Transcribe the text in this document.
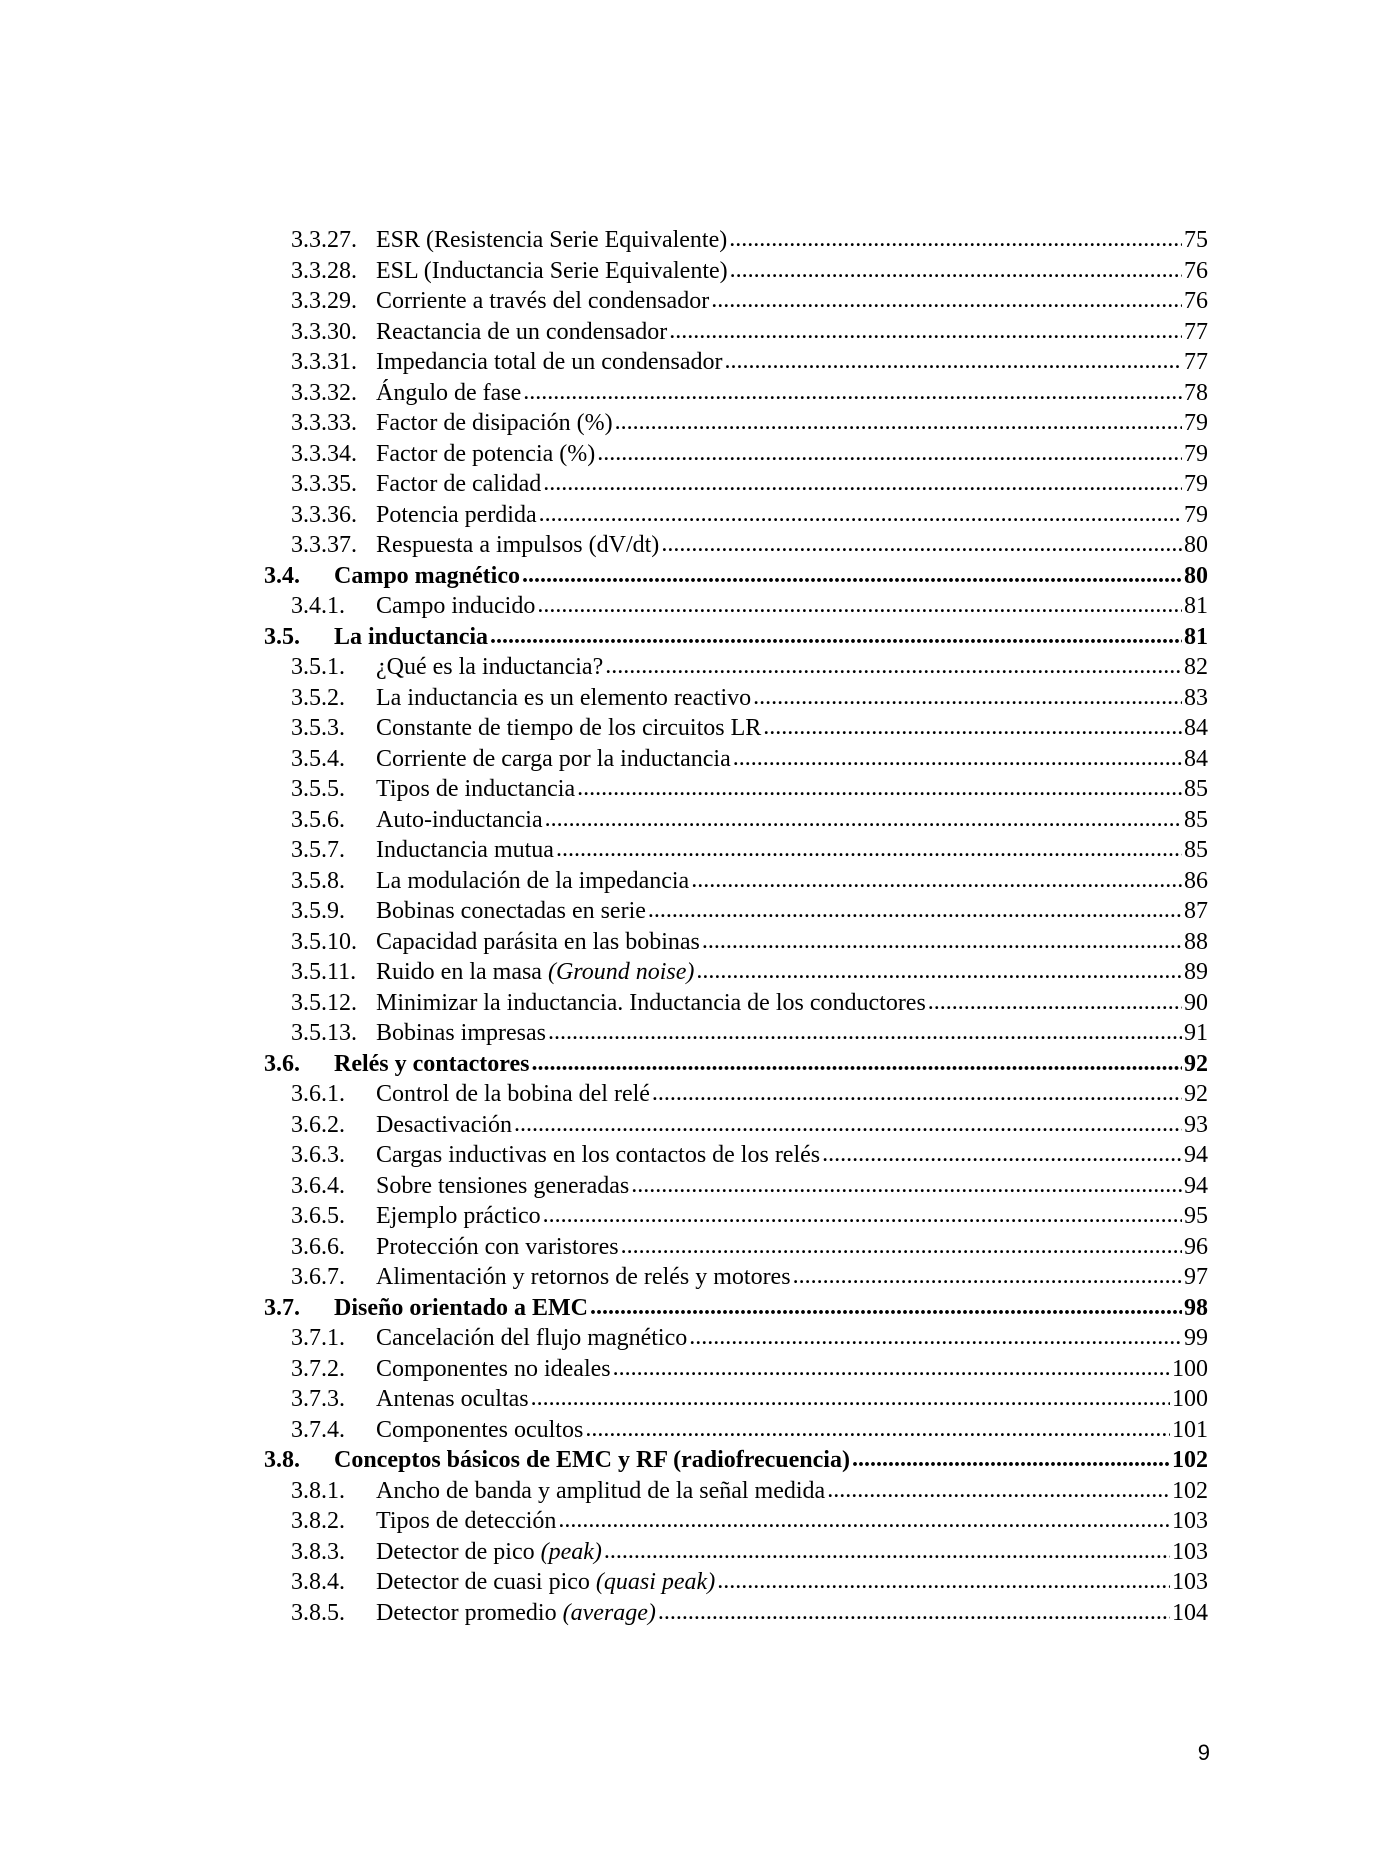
3.3.27. ESR (Resistencia Serie Equivalente) .....	75
3.3.28. ESL (Inductancia Serie Equivalente) .....	76
3.3.29. Corriente a través del condensador .....	76
3.3.30. Reactancia de un condensador .....	77
3.3.31. Impedancia total de un condensador .....	77
3.3.32. Ángulo de fase .....	78
3.3.33. Factor de disipación (%) .....	79
3.3.34. Factor de potencia (%) .....	79
3.3.35. Factor de calidad .....	79
3.3.36. Potencia perdida .....	79
3.3.37. Respuesta a impulsos (dV/dt) .....	80
3.4.	Campo magnético .....	80
3.4.1.	Campo inducido .....	81
3.5.	La inductancia .....	81
3.5.1.	¿Qué es la inductancia? .....	82
3.5.2.	La inductancia es un elemento reactivo .....	83
3.5.3.	Constante de tiempo de los circuitos LR .....	84
3.5.4.	Corriente de carga por la inductancia .....	84
3.5.5.	Tipos de inductancia .....	85
3.5.6.	Auto-inductancia .....	85
3.5.7.	Inductancia mutua .....	85
3.5.8.	La modulación de la impedancia .....	86
3.5.9.	Bobinas conectadas en serie .....	87
3.5.10. Capacidad parásita en las bobinas .....	88
3.5.11. Ruido en la masa (Ground noise) .....	89
3.5.12. Minimizar la inductancia. Inductancia de los conductores .....	90
3.5.13. Bobinas impresas .....	91
3.6.	Relés y contactores .....	92
3.6.1.	Control de la bobina del relé .....	92
3.6.2.	Desactivación .....	93
3.6.3.	Cargas inductivas en los contactos de los relés .....	94
3.6.4.	Sobre tensiones generadas .....	94
3.6.5.	Ejemplo práctico .....	95
3.6.6.	Protección con varistores .....	96
3.6.7.	Alimentación y retornos de relés y motores .....	97
3.7.	Diseño orientado a EMC .....	98
3.7.1.	Cancelación del flujo magnético .....	99
3.7.2.	Componentes no ideales .....	100
3.7.3.	Antenas ocultas .....	100
3.7.4.	Componentes ocultos .....	101
3.8.	Conceptos básicos de EMC y RF (radiofrecuencia) .....	102
3.8.1.	Ancho de banda y amplitud de la señal medida .....	102
3.8.2.	Tipos de detección .....	103
3.8.3.	Detector de pico (peak) .....	103
3.8.4.	Detector de cuasi pico (quasi peak) .....	103
3.8.5.	Detector promedio (average) .....	104
9
